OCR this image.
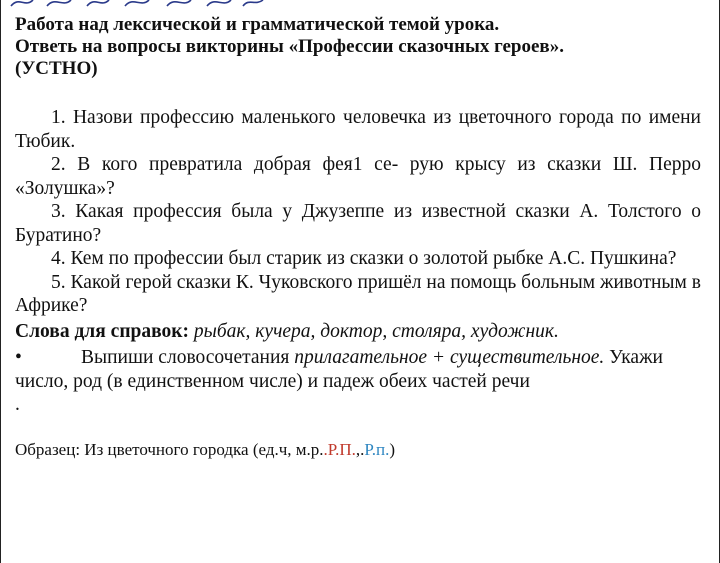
Работа над лексической и грамматической темой урока.
Ответь на вопросы викторины «Профессии сказочных героев».
(УСТНО)

1. Назови профессию маленького человечка из цветочного города по имени Тюбик.

2. В кого превратила добрая фея1 се- рую крысу из сказки Ш. Перро «Золушка»?

3. Какая профессия была у Джузеппе из известной сказки А. Толстого о Буратино?

4. Кем по профессии был старик из сказки о золотой рыбке А.С. Пушкина?

5. Какой герой сказки К. Чуковского пришёл на помощь больным животным в Африке?

Слова для справок: рыбак, кучера, доктор, столяра, художник.

•	Выпиши словосочетания прилагательное + существительное. Укажи число, род (в единственном числе) и падеж обеих частей речи

.

Образец: Из цветочного городка (ед.ч, м.р..Р.П.,.Р.п.)
